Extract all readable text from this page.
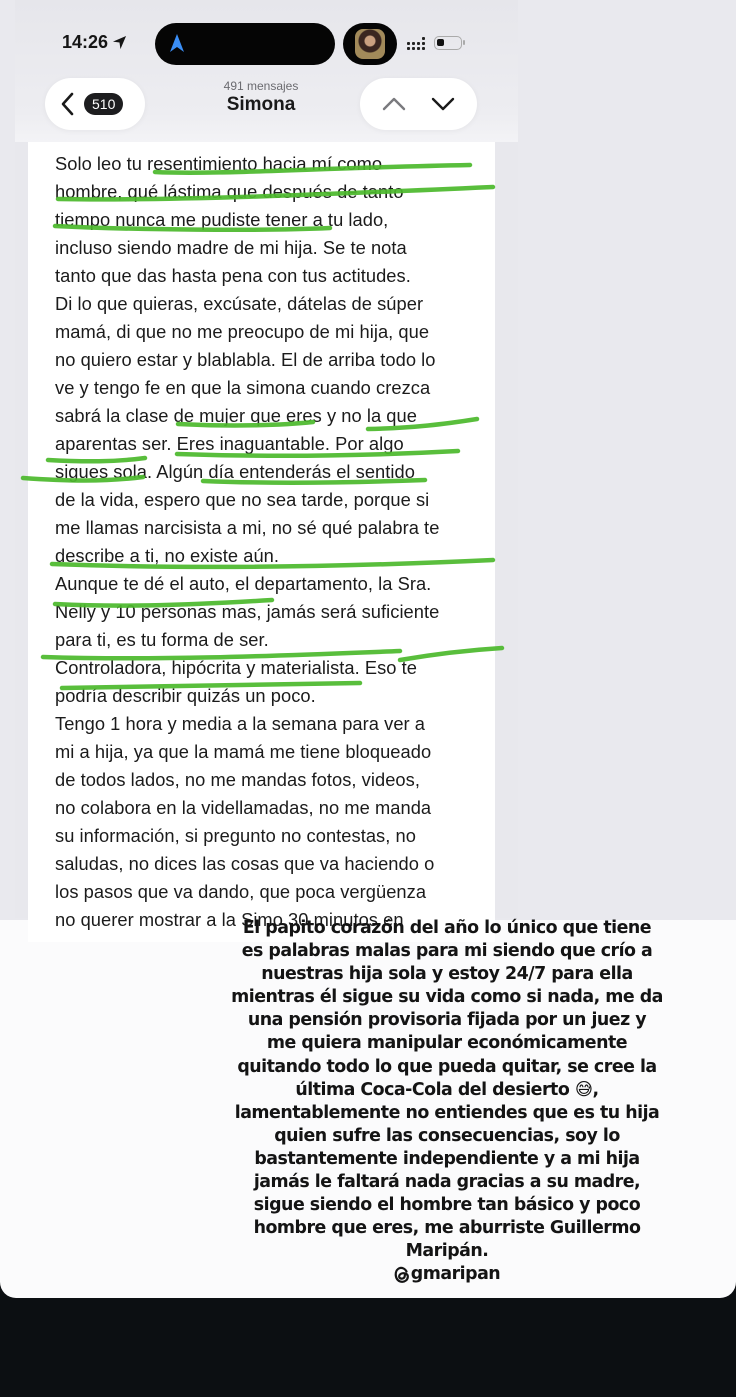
14:26
510
491 mensajes
Simona
Solo leo tu resentimiento hacia mí como
hombre, qué lástima que después de tanto
tiempo nunca me pudiste tener a tu lado,
incluso siendo madre de mi hija. Se te nota
tanto que das hasta pena con tus actitudes.
Di lo que quieras, excúsate, dátelas de súper
mamá, di que no me preocupo de mi hija, que
no quiero estar y blablabla. El de arriba todo lo
ve y tengo fe en que la simona cuando crezca
sabrá la clase de mujer que eres y no la que
aparentas ser. Eres inaguantable. Por algo
sigues sola. Algún día entenderás el sentido
de la vida, espero que no sea tarde, porque si
me llamas narcisista a mi, no sé qué palabra te
describe a ti, no existe aún.
Aunque te dé el auto, el departamento, la Sra.
Nelly y 10 personas mas, jamás será suficiente
para ti, es tu forma de ser.
Controladora, hipócrita y materialista. Eso te
podría describir quizás un poco.
Tengo 1 hora y media a la semana para ver a
mi a hija, ya que la mamá me tiene bloqueado
de todos lados, no me mandas fotos, videos,
no colabora en la videllamadas, no me manda
su información, si pregunto no contestas, no
saludas, no dices las cosas que va haciendo o
los pasos que va dando, que poca vergüenza
no querer mostrar a la Simo 30 minutos en
El papito corazón del año lo único que tiene
es palabras malas para mi siendo que crío a
nuestras hija sola y estoy 24/7 para ella
mientras él sigue su vida como si nada, me da
una pensión provisoria fijada por un juez y
me quiera manipular económicamente
quitando todo lo que pueda quitar, se cree la
última Coca-Cola del desierto 😅,
lamentablemente no entiendes que es tu hija
quien sufre las consecuencias, soy lo
bastantemente independiente y a mi hija
jamás le faltará nada gracias a su madre,
sigue siendo el hombre tan básico y poco
hombre que eres, me aburriste Guillermo
Maripán.
gmaripan
